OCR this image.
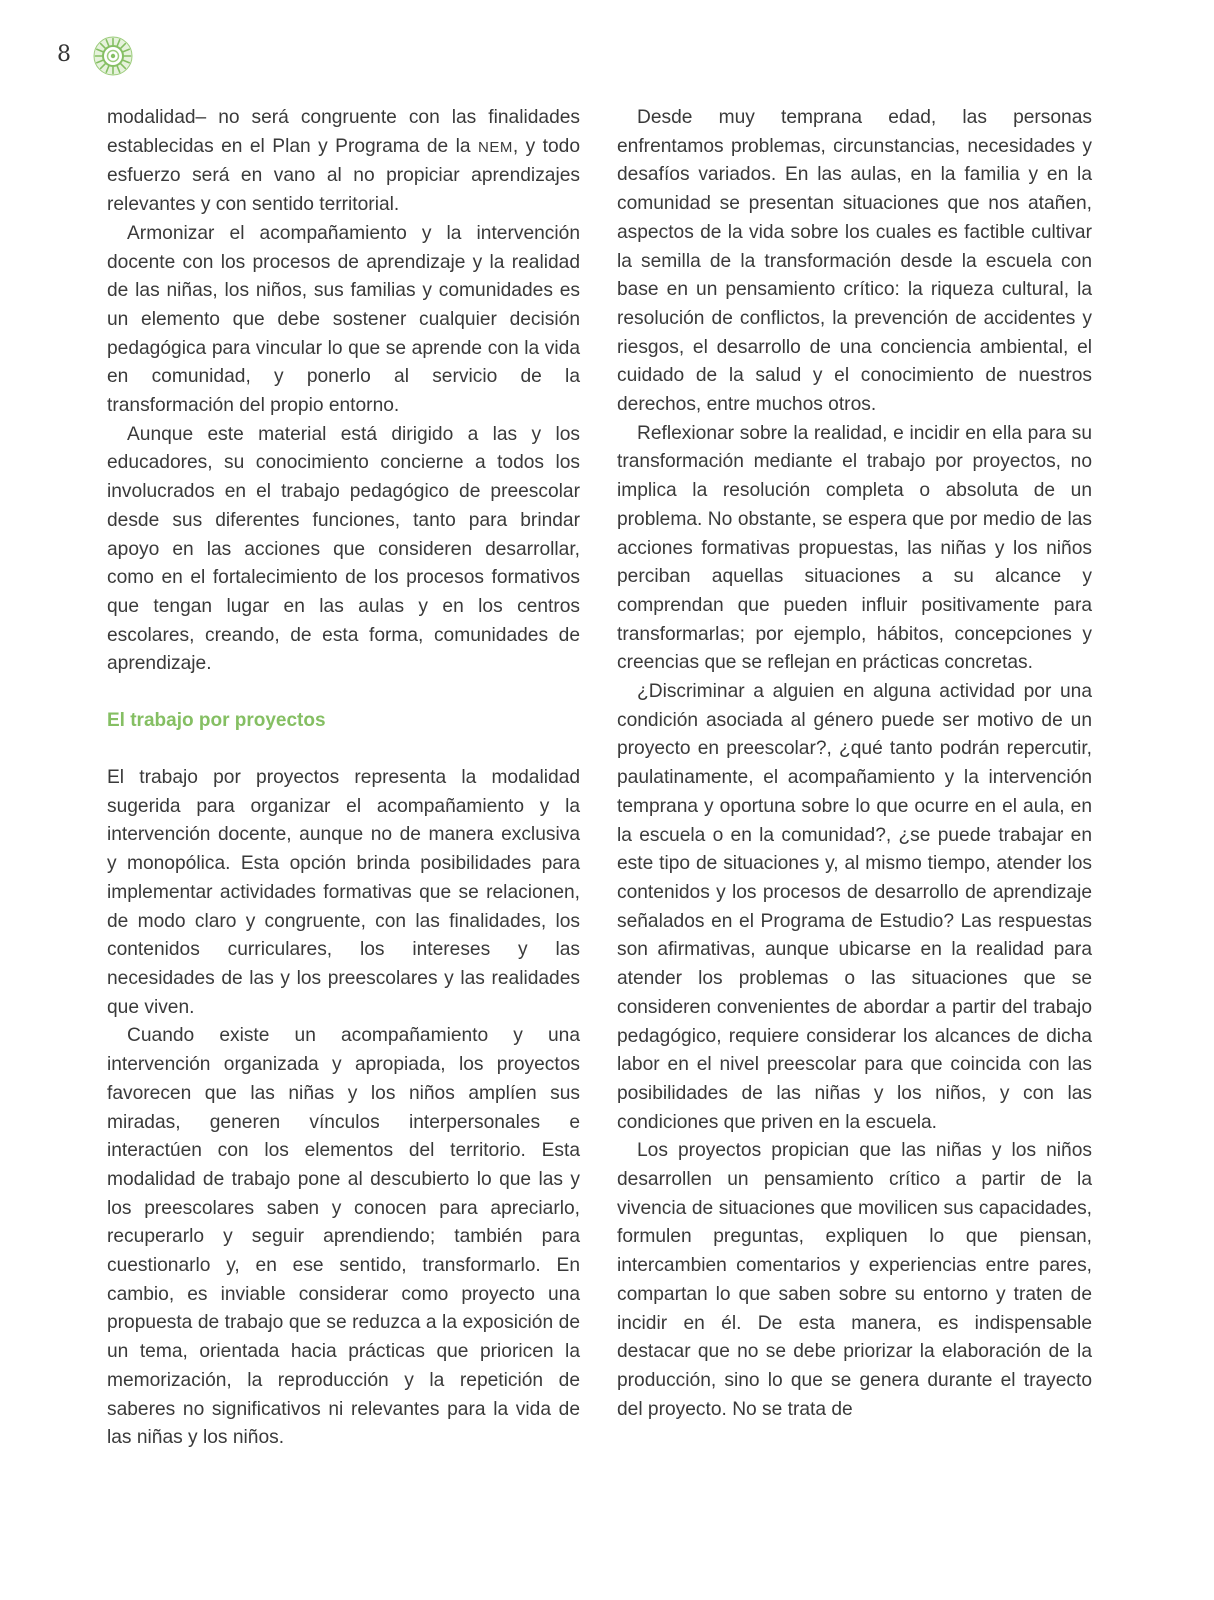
8

modalidad– no será congruente con las finalidades establecidas en el Plan y Programa de la NEM, y todo esfuerzo será en vano al no propiciar aprendizajes relevantes y con sentido territorial.

Armonizar el acompañamiento y la intervención docente con los procesos de aprendizaje y la realidad de las niñas, los niños, sus familias y comunidades es un elemento que debe sostener cualquier decisión pedagógica para vincular lo que se aprende con la vida en comunidad, y ponerlo al servicio de la transformación del propio entorno.

Aunque este material está dirigido a las y los educadores, su conocimiento concierne a todos los involucrados en el trabajo pedagógico de preescolar desde sus diferentes funciones, tanto para brindar apoyo en las acciones que consideren desarrollar, como en el fortalecimiento de los procesos formativos que tengan lugar en las aulas y en los centros escolares, creando, de esta forma, comunidades de aprendizaje.

El trabajo por proyectos

El trabajo por proyectos representa la modalidad sugerida para organizar el acompañamiento y la intervención docente, aunque no de manera exclusiva y monopólica. Esta opción brinda posibilidades para implementar actividades formativas que se relacionen, de modo claro y congruente, con las finalidades, los contenidos curriculares, los intereses y las necesidades de las y los preescolares y las realidades que viven.

Cuando existe un acompañamiento y una intervención organizada y apropiada, los proyectos favorecen que las niñas y los niños amplíen sus miradas, generen vínculos interpersonales e interactúen con los elementos del territorio. Esta modalidad de trabajo pone al descubierto lo que las y los preescolares saben y conocen para apreciarlo, recuperarlo y seguir aprendiendo; también para cuestionarlo y, en ese sentido, transformarlo. En cambio, es inviable considerar como proyecto una propuesta de trabajo que se reduzca a la exposición de un tema, orientada hacia prácticas que prioricen la memorización, la reproducción y la repetición de saberes no significativos ni relevantes para la vida de las niñas y los niños.

Desde muy temprana edad, las personas enfrentamos problemas, circunstancias, necesidades y desafíos variados. En las aulas, en la familia y en la comunidad se presentan situaciones que nos atañen, aspectos de la vida sobre los cuales es factible cultivar la semilla de la transformación desde la escuela con base en un pensamiento crítico: la riqueza cultural, la resolución de conflictos, la prevención de accidentes y riesgos, el desarrollo de una conciencia ambiental, el cuidado de la salud y el conocimiento de nuestros derechos, entre muchos otros.

Reflexionar sobre la realidad, e incidir en ella para su transformación mediante el trabajo por proyectos, no implica la resolución completa o absoluta de un problema. No obstante, se espera que por medio de las acciones formativas propuestas, las niñas y los niños perciban aquellas situaciones a su alcance y comprendan que pueden influir positivamente para transformarlas; por ejemplo, hábitos, concepciones y creencias que se reflejan en prácticas concretas.

¿Discriminar a alguien en alguna actividad por una condición asociada al género puede ser motivo de un proyecto en preescolar?, ¿qué tanto podrán repercutir, paulatinamente, el acompañamiento y la intervención temprana y oportuna sobre lo que ocurre en el aula, en la escuela o en la comunidad?, ¿se puede trabajar en este tipo de situaciones y, al mismo tiempo, atender los contenidos y los procesos de desarrollo de aprendizaje señalados en el Programa de Estudio? Las respuestas son afirmativas, aunque ubicarse en la realidad para atender los problemas o las situaciones que se consideren convenientes de abordar a partir del trabajo pedagógico, requiere considerar los alcances de dicha labor en el nivel preescolar para que coincida con las posibilidades de las niñas y los niños, y con las condiciones que priven en la escuela.

Los proyectos propician que las niñas y los niños desarrollen un pensamiento crítico a partir de la vivencia de situaciones que movilicen sus capacidades, formulen preguntas, expliquen lo que piensan, intercambien comentarios y experiencias entre pares, compartan lo que saben sobre su entorno y traten de incidir en él. De esta manera, es indispensable destacar que no se debe priorizar la elaboración de la producción, sino lo que se genera durante el trayecto del proyecto. No se trata de
